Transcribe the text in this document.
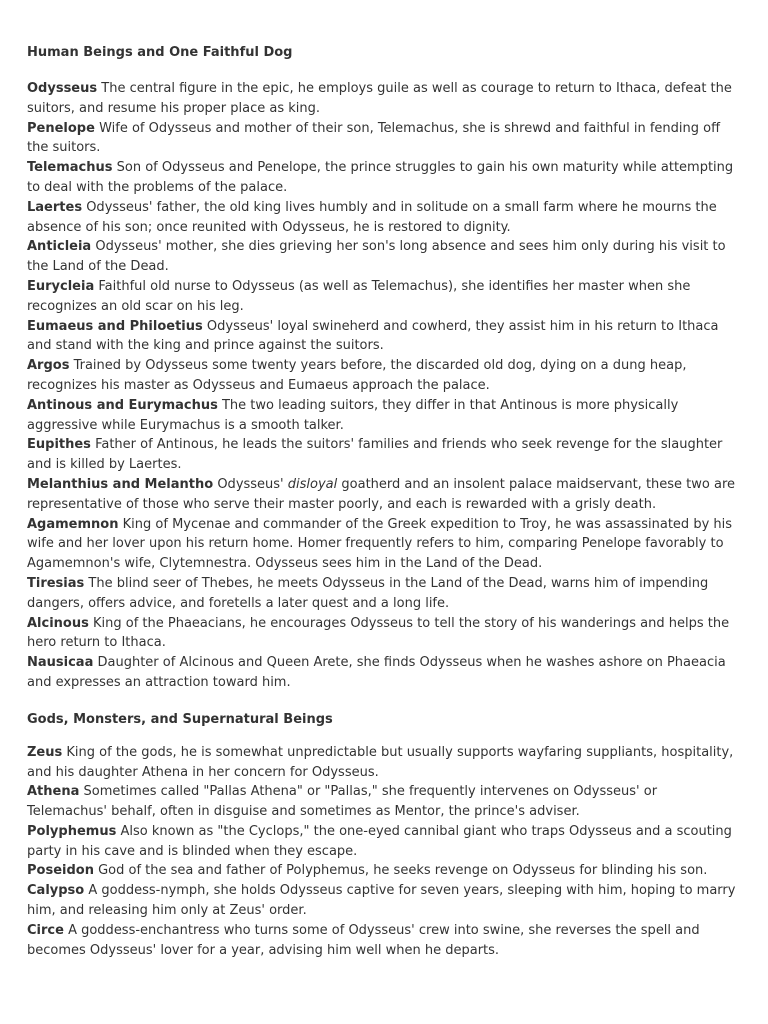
Human Beings and One Faithful Dog

Odysseus The central figure in the epic, he employs guile as well as courage to return to Ithaca, defeat the suitors, and resume his proper place as king.

Penelope Wife of Odysseus and mother of their son, Telemachus, she is shrewd and faithful in fending off the suitors.

Telemachus Son of Odysseus and Penelope, the prince struggles to gain his own maturity while attempting to deal with the problems of the palace.

Laertes Odysseus' father, the old king lives humbly and in solitude on a small farm where he mourns the absence of his son; once reunited with Odysseus, he is restored to dignity.

Anticleia Odysseus' mother, she dies grieving her son's long absence and sees him only during his visit to the Land of the Dead.

Eurycleia Faithful old nurse to Odysseus (as well as Telemachus), she identifies her master when she recognizes an old scar on his leg.

Eumaeus and Philoetius Odysseus' loyal swineherd and cowherd, they assist him in his return to Ithaca and stand with the king and prince against the suitors.

Argos Trained by Odysseus some twenty years before, the discarded old dog, dying on a dung heap, recognizes his master as Odysseus and Eumaeus approach the palace.

Antinous and Eurymachus The two leading suitors, they differ in that Antinous is more physically aggressive while Eurymachus is a smooth talker.

Eupithes Father of Antinous, he leads the suitors' families and friends who seek revenge for the slaughter and is killed by Laertes.

Melanthius and Melantho Odysseus' disloyal goatherd and an insolent palace maidservant, these two are representative of those who serve their master poorly, and each is rewarded with a grisly death.

Agamemnon King of Mycenae and commander of the Greek expedition to Troy, he was assassinated by his wife and her lover upon his return home. Homer frequently refers to him, comparing Penelope favorably to Agamemnon's wife, Clytemnestra. Odysseus sees him in the Land of the Dead.

Tiresias The blind seer of Thebes, he meets Odysseus in the Land of the Dead, warns him of impending dangers, offers advice, and foretells a later quest and a long life.

Alcinous King of the Phaeacians, he encourages Odysseus to tell the story of his wanderings and helps the hero return to Ithaca.

Nausicaa Daughter of Alcinous and Queen Arete, she finds Odysseus when he washes ashore on Phaeacia and expresses an attraction toward him.

Gods, Monsters, and Supernatural Beings

Zeus King of the gods, he is somewhat unpredictable but usually supports wayfaring suppliants, hospitality, and his daughter Athena in her concern for Odysseus.

Athena Sometimes called "Pallas Athena" or "Pallas," she frequently intervenes on Odysseus' or Telemachus' behalf, often in disguise and sometimes as Mentor, the prince's adviser.

Polyphemus Also known as "the Cyclops," the one-eyed cannibal giant who traps Odysseus and a scouting party in his cave and is blinded when they escape.

Poseidon God of the sea and father of Polyphemus, he seeks revenge on Odysseus for blinding his son.

Calypso A goddess-nymph, she holds Odysseus captive for seven years, sleeping with him, hoping to marry him, and releasing him only at Zeus' order.

Circe A goddess-enchantress who turns some of Odysseus' crew into swine, she reverses the spell and becomes Odysseus' lover for a year, advising him well when he departs.
